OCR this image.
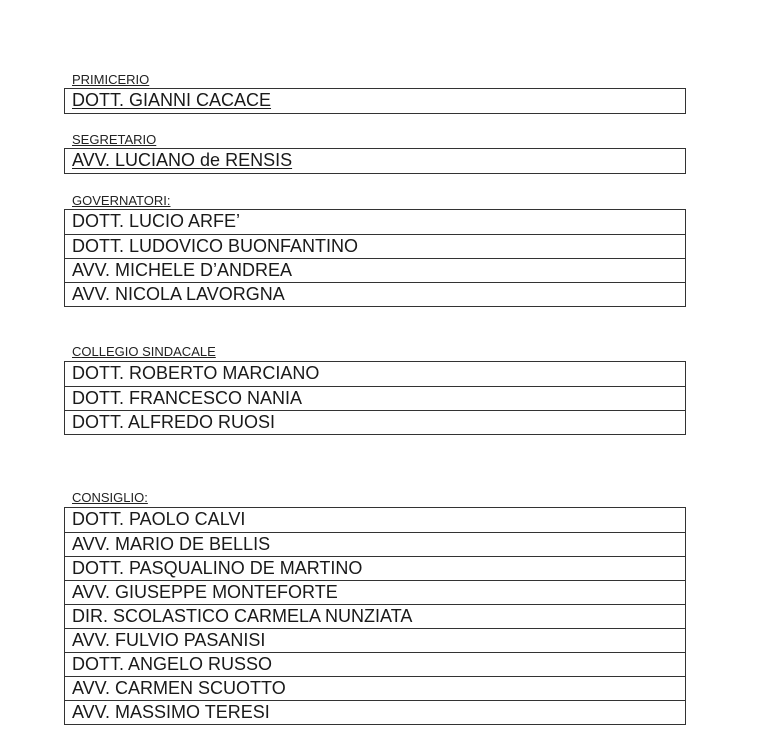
PRIMICERIO
DOTT. GIANNI CACACE
SEGRETARIO
AVV. LUCIANO de RENSIS
GOVERNATORI:
DOTT. LUCIO ARFE’
DOTT. LUDOVICO BUONFANTINO
AVV. MICHELE D’ANDREA
AVV. NICOLA LAVORGNA
COLLEGIO SINDACALE
DOTT. ROBERTO MARCIANO
DOTT. FRANCESCO NANIA
DOTT. ALFREDO RUOSI
CONSIGLIO:
DOTT. PAOLO CALVI
AVV. MARIO DE BELLIS
DOTT. PASQUALINO DE MARTINO
AVV. GIUSEPPE MONTEFORTE
DIR. SCOLASTICO CARMELA NUNZIATA
AVV. FULVIO PASANISI
DOTT. ANGELO RUSSO
AVV. CARMEN SCUOTTO
AVV. MASSIMO TERESI
